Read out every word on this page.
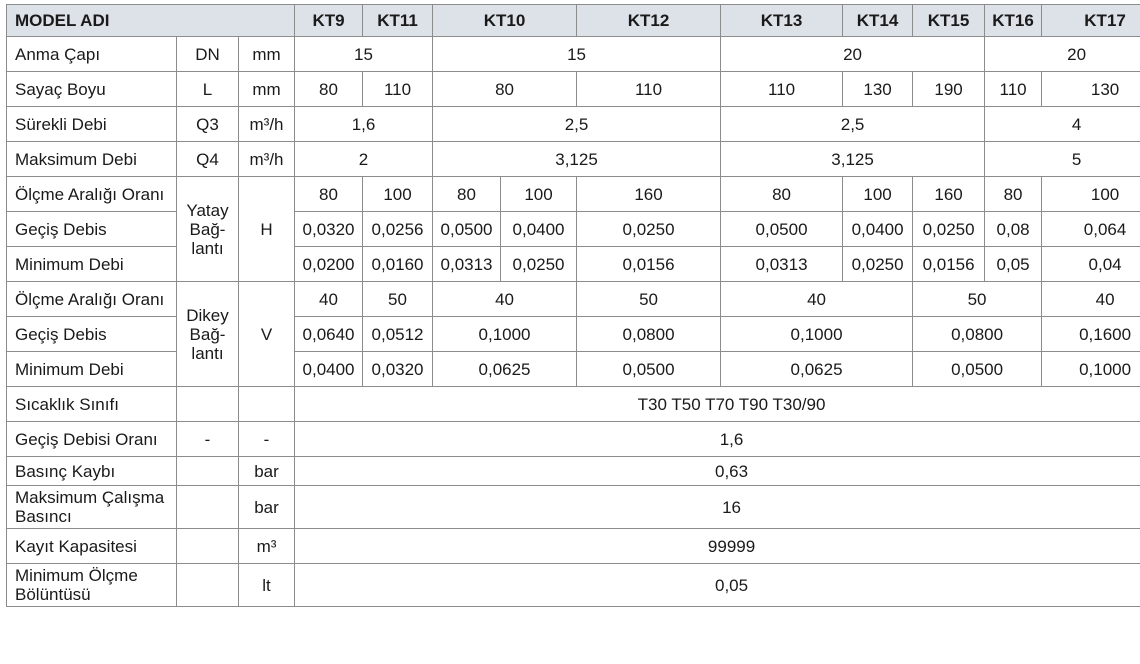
MODEL ADI			KT9	KT11	KT10		KT12	KT13	KT14	KT15	KT16	KT17	
Anma Çapı	DN	mm	15		15			20			20		
Sayaç Boyu	L	mm	80	110	80		110	110	130	190	110	130	
Sürekli Debi	Q3	m³/h	1,6		2,5			2,5			4		
Maksimum Debi	Q4	m³/h	2		3,125			3,125			5		
Ölçme Aralığı Oranı	Yatay Bağ-lantı	H	80	100	80	100	160	80	100	160	80	100	
Geçiş Debis			0,0320	0,0256	0,0500	0,0400	0,0250	0,0500	0,0400	0,0250	0,08	0,064	
Minimum Debi			0,0200	0,0160	0,0313	0,0250	0,0156	0,0313	0,0250	0,0156	0,05	0,04	
Ölçme Aralığı Oranı	Dikey Bağ-lantı	V	40	50	40		50	40		50		40	
Geçiş Debis			0,0640	0,0512	0,1000		0,0800	0,1000		0,0800		0,1600	
Minimum Debi			0,0400	0,0320	0,0625		0,0500	0,0625		0,0500		0,1000	
Sıcaklık Sınıfı			T30 T50 T70 T90 T30/90										
Geçiş Debisi Oranı	-	-	1,6										
Basınç Kaybı		bar	0,63										
Maksimum Çalışma Basıncı		bar	16										
Kayıt Kapasitesi		m³	99999										
Minimum Ölçme Bölüntüsü		lt	0,05										
